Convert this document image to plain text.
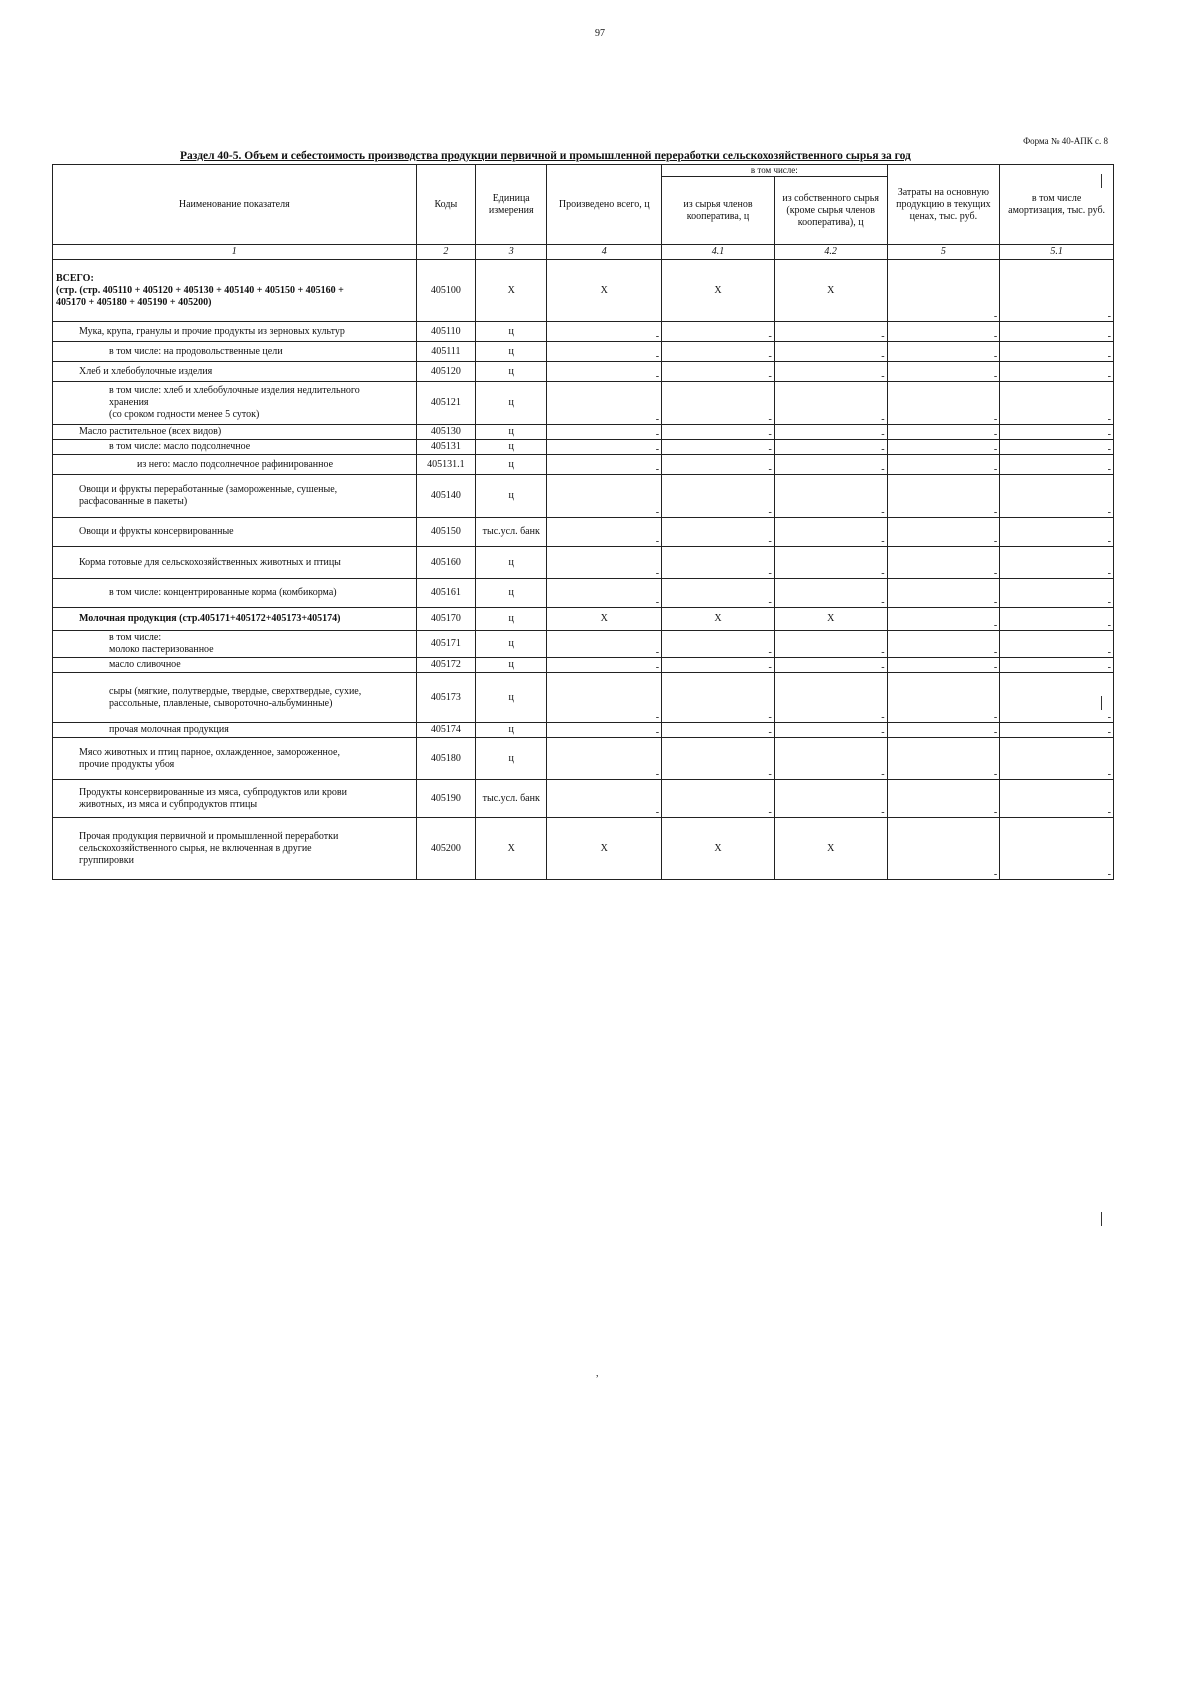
97
Форма № 40-АПК с. 8
Раздел 40-5. Объем и себестоимость производства продукции первичной и промышленной переработки сельскохозяйственного сырья за год
Наименование показателя	Коды	Единица измерения	Произведено всего, ц	в том числе:		Затраты на основную продукцию в текущих ценах, тыс. руб.	в том числе амортизация, тыс. руб.
				из сырья членов кооператива, ц	из собственного сырья (кроме сырья членов кооператива), ц		
1	2	3	4	4.1	4.2	5	5.1

ВСЕГО:
(стр. (стр. 405110 + 405120 + 405130 + 405140 + 405150 + 405160 +
405170 + 405180 + 405190 + 405200)	405100	X	X	X	X	-	-

Мука, крупа, гранулы и прочие продукты из зерновых культур	405110	ц	-	-	-	-	-

в том числе: на продовольственные цели	405111	ц	-	-	-	-	-

Хлеб и хлебобулочные изделия	405120	ц	-	-	-	-	-

в том числе: хлеб и хлебобулочные изделия недлительного
хранения
(со сроком годности менее 5 суток)	405121	ц	-	-	-	-	-

Масло растительное (всех видов)	405130	ц	-	-	-	-	-

в том числе: масло подсолнечное	405131	ц	-	-	-	-	-

из него: масло подсолнечное рафинированное	405131.1	ц	-	-	-	-	-

Овощи и фрукты переработанные (замороженные, сушеные,
расфасованные в пакеты)	405140	ц	-	-	-	-	-

Овощи и фрукты консервированные	405150	тыс.усл. банк	-	-	-	-	-

Корма готовые для сельскохозяйственных животных и птицы	405160	ц	-	-	-	-	-

в том числе: концентрированные корма (комбикорма)	405161	ц	-	-	-	-	-

Молочная продукция (стр.405171+405172+405173+405174)	405170	ц	X	X	X	-	-

в том числе:
молоко пастеризованное	405171	ц	-	-	-	-	-

масло сливочное	405172	ц	-	-	-	-	-

сыры (мягкие, полутвердые, твердые, сверхтвердые, сухие,
рассольные, плавленые, сывороточно-альбуминные)	405173	ц	-	-	-	-	-

прочая молочная продукция	405174	ц	-	-	-	-	-

Мясо животных и птиц парное, охлажденное, замороженное,
прочие продукты убоя	405180	ц	-	-	-	-	-

Продукты консервированные из мяса, субпродуктов или крови
животных, из мяса и субпродуктов птицы	405190	тыс.усл. банк	-	-	-	-	-

Прочая продукция первичной и промышленной переработки
сельскохозяйственного сырья, не включенная в другие
группировки	405200	X	X	X	X	-	-
,
